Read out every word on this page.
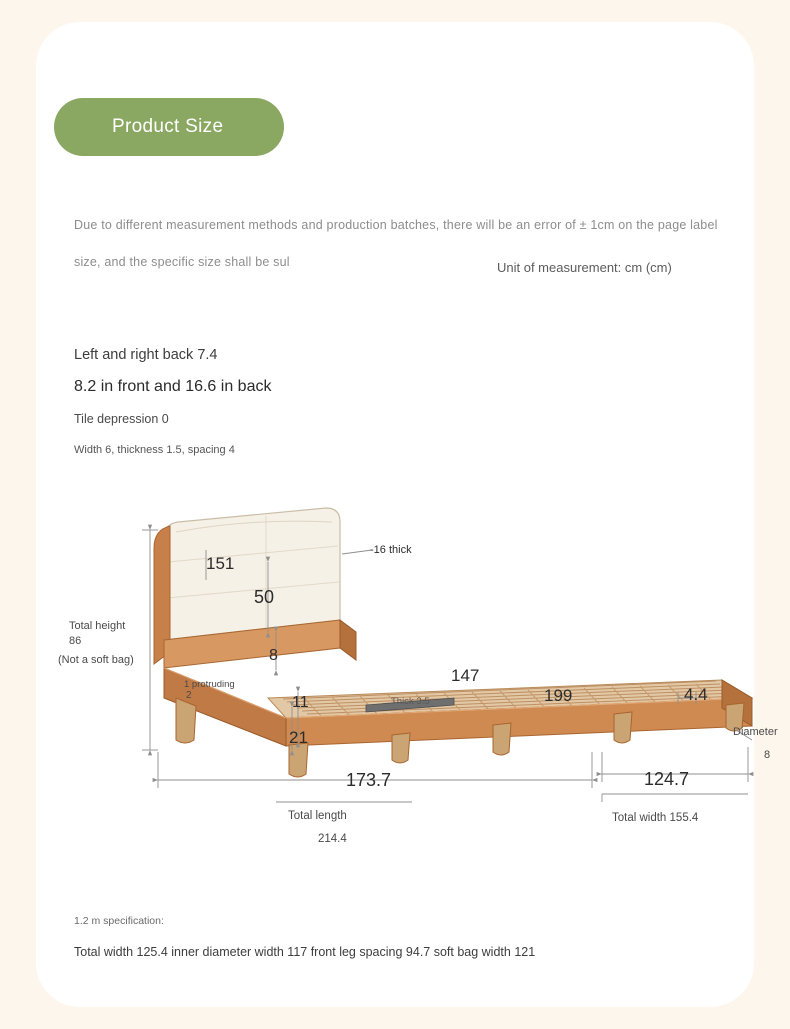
Product Size
Due to different measurement methods and production batches, there will be an error of ± 1cm on the page label size, and the specific size shall be sul	Unit of measurement: cm (cm)
Left and right back 7.4
8.2 in front and 16.6 in back
Tile depression 0
Width 6, thickness 1.5, spacing 4
-16 thick
151
50
8
147
199	4.4
1 protruding
2	11
21
Thick 3.5
Total height
86
(Not a soft bag)
Diameter
8
173.7	124.7
Total length
214.4
Total width 155.4
1.2 m specification:
Total width 125.4 inner diameter width 117 front leg spacing 94.7 soft bag width 121
